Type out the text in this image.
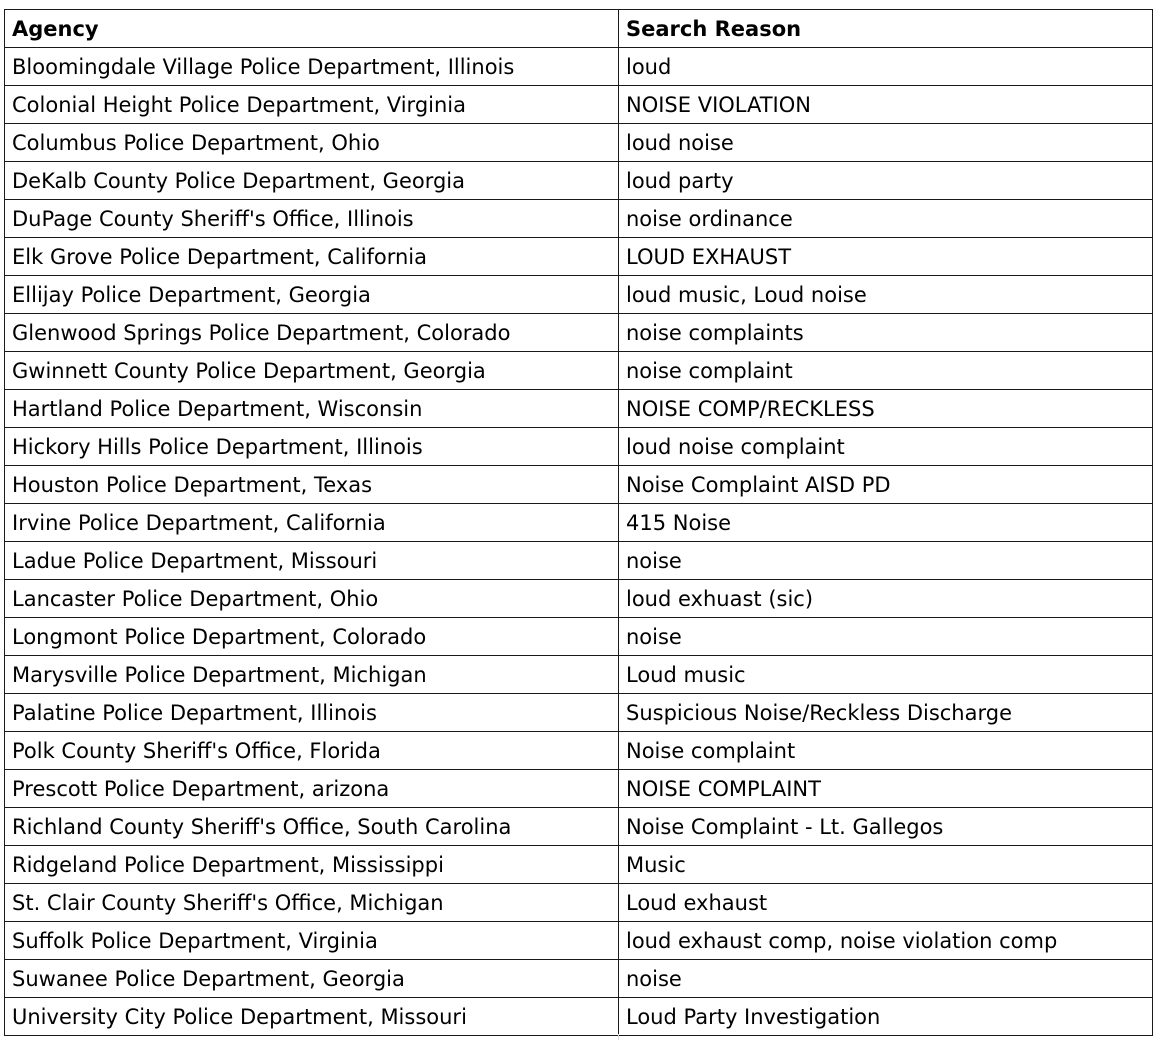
Agency	Search Reason
Bloomingdale Village Police Department, Illinois	loud
Colonial Height Police Department, Virginia	NOISE VIOLATION
Columbus Police Department, Ohio	loud noise
DeKalb County Police Department, Georgia	loud party
DuPage County Sheriff's Office, Illinois	noise ordinance
Elk Grove Police Department, California	LOUD EXHAUST
Ellijay Police Department, Georgia	loud music, Loud noise
Glenwood Springs Police Department, Colorado	noise complaints
Gwinnett County Police Department, Georgia	noise complaint
Hartland Police Department, Wisconsin	NOISE COMP/RECKLESS
Hickory Hills Police Department, Illinois	loud noise complaint
Houston Police Department, Texas	Noise Complaint AISD PD
Irvine Police Department, California	415 Noise
Ladue Police Department, Missouri	noise
Lancaster Police Department, Ohio	loud exhuast (sic)
Longmont Police Department, Colorado	noise
Marysville Police Department, Michigan	Loud music
Palatine Police Department, Illinois	Suspicious Noise/Reckless Discharge
Polk County Sheriff's Office, Florida	Noise complaint
Prescott Police Department, arizona	NOISE COMPLAINT
Richland County Sheriff's Office, South Carolina	Noise Complaint - Lt. Gallegos
Ridgeland Police Department, Mississippi	Music
St. Clair County Sheriff's Office, Michigan	Loud exhaust
Suffolk Police Department, Virginia	loud exhaust comp, noise violation comp
Suwanee Police Department, Georgia	noise
University City Police Department, Missouri	Loud Party Investigation
